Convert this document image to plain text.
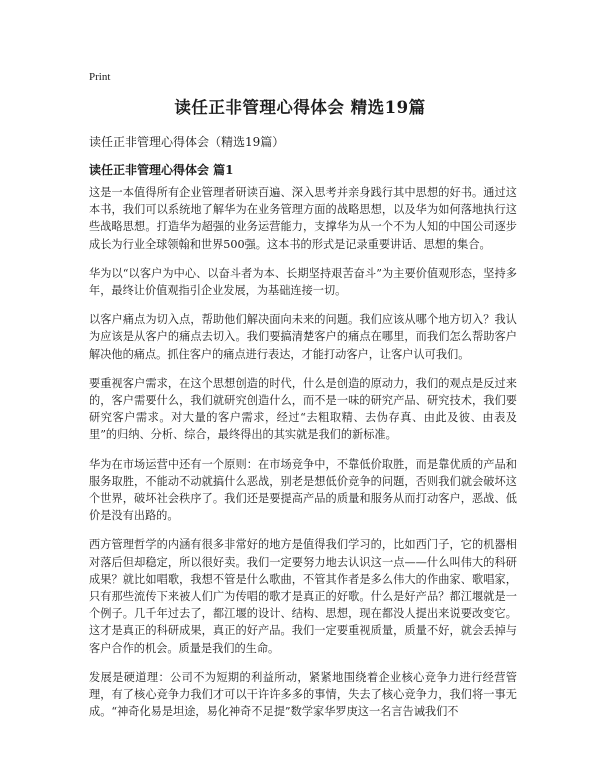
Print
读任正非管理心得体会 精选19篇
读任正非管理心得体会（精选19篇）
读任正非管理心得体会 篇1

这是一本值得所有企业管理者研读百遍、深入思考并亲身践行其中思想的好书。通过这本书，我们可以系统地了解华为在业务管理方面的战略思想，以及华为如何落地执行这些战略思想。打造华为超强的业务运营能力，支撑华为从一个不为人知的中国公司逐步成长为行业全球领翰和世界500强。这本书的形式是记录重要讲话、思想的集合。

华为以“以客户为中心、以奋斗者为本、长期坚持艰苦奋斗”为主要价值观形态，坚持多年，最终让价值观指引企业发展，为基础连接一切。

以客户痛点为切入点，帮助他们解决面向未来的问题。我们应该从哪个地方切入？我认为应该是从客户的痛点去切入。我们要搞清楚客户的痛点在哪里，而我们怎么帮助客户解决他的痛点。抓住客户的痛点进行表达，才能打动客户，让客户认可我们。

要重视客户需求，在这个思想创造的时代，什么是创造的原动力，我们的观点是反过来的，客户需要什么，我们就研究创造什么，而不是一味的研究产品、研究技术，我们要研究客户需求。对大量的客户需求，经过“去粗取精、去伪存真、由此及彼、由表及里”的归纳、分析、综合，最终得出的其实就是我们的新标准。

华为在市场运营中还有一个原则：在市场竞争中，不靠低价取胜，而是靠优质的产品和服务取胜，不能动不动就搞什么恶战，别老是想低价竞争的问题，否则我们就会破坏这个世界，破坏社会秩序了。我们还是要提高产品的质量和服务从而打动客户，恶战、低价是没有出路的。

西方管理哲学的内涵有很多非常好的地方是值得我们学习的，比如西门子，它的机器相对落后但却稳定，所以很好卖。我们一定要努力地去认识这一点——什么叫伟大的科研成果？就比如唱歌，我想不管是什么歌曲，不管其作者是多么伟大的作曲家、歌唱家，只有那些流传下来被人们广为传唱的歌才是真正的好歌。什么是好产品？都江堰就是一个例子。几千年过去了，都江堰的设计、结构、思想，现在都没人提出来说要改变它。这才是真正的科研成果，真正的好产品。我们一定要重视质量，质量不好，就会丢掉与客户合作的机会。质量是我们的生命。

发展是硬道理：公司不为短期的利益所动，紧紧地围绕着企业核心竞争力进行经营管理，有了核心竞争力我们才可以干许许多多的事情，失去了核心竞争力，我们将一事无成。“神奇化易是坦途，易化神奇不足提”数学家华罗庚这一名言告诫我们不
